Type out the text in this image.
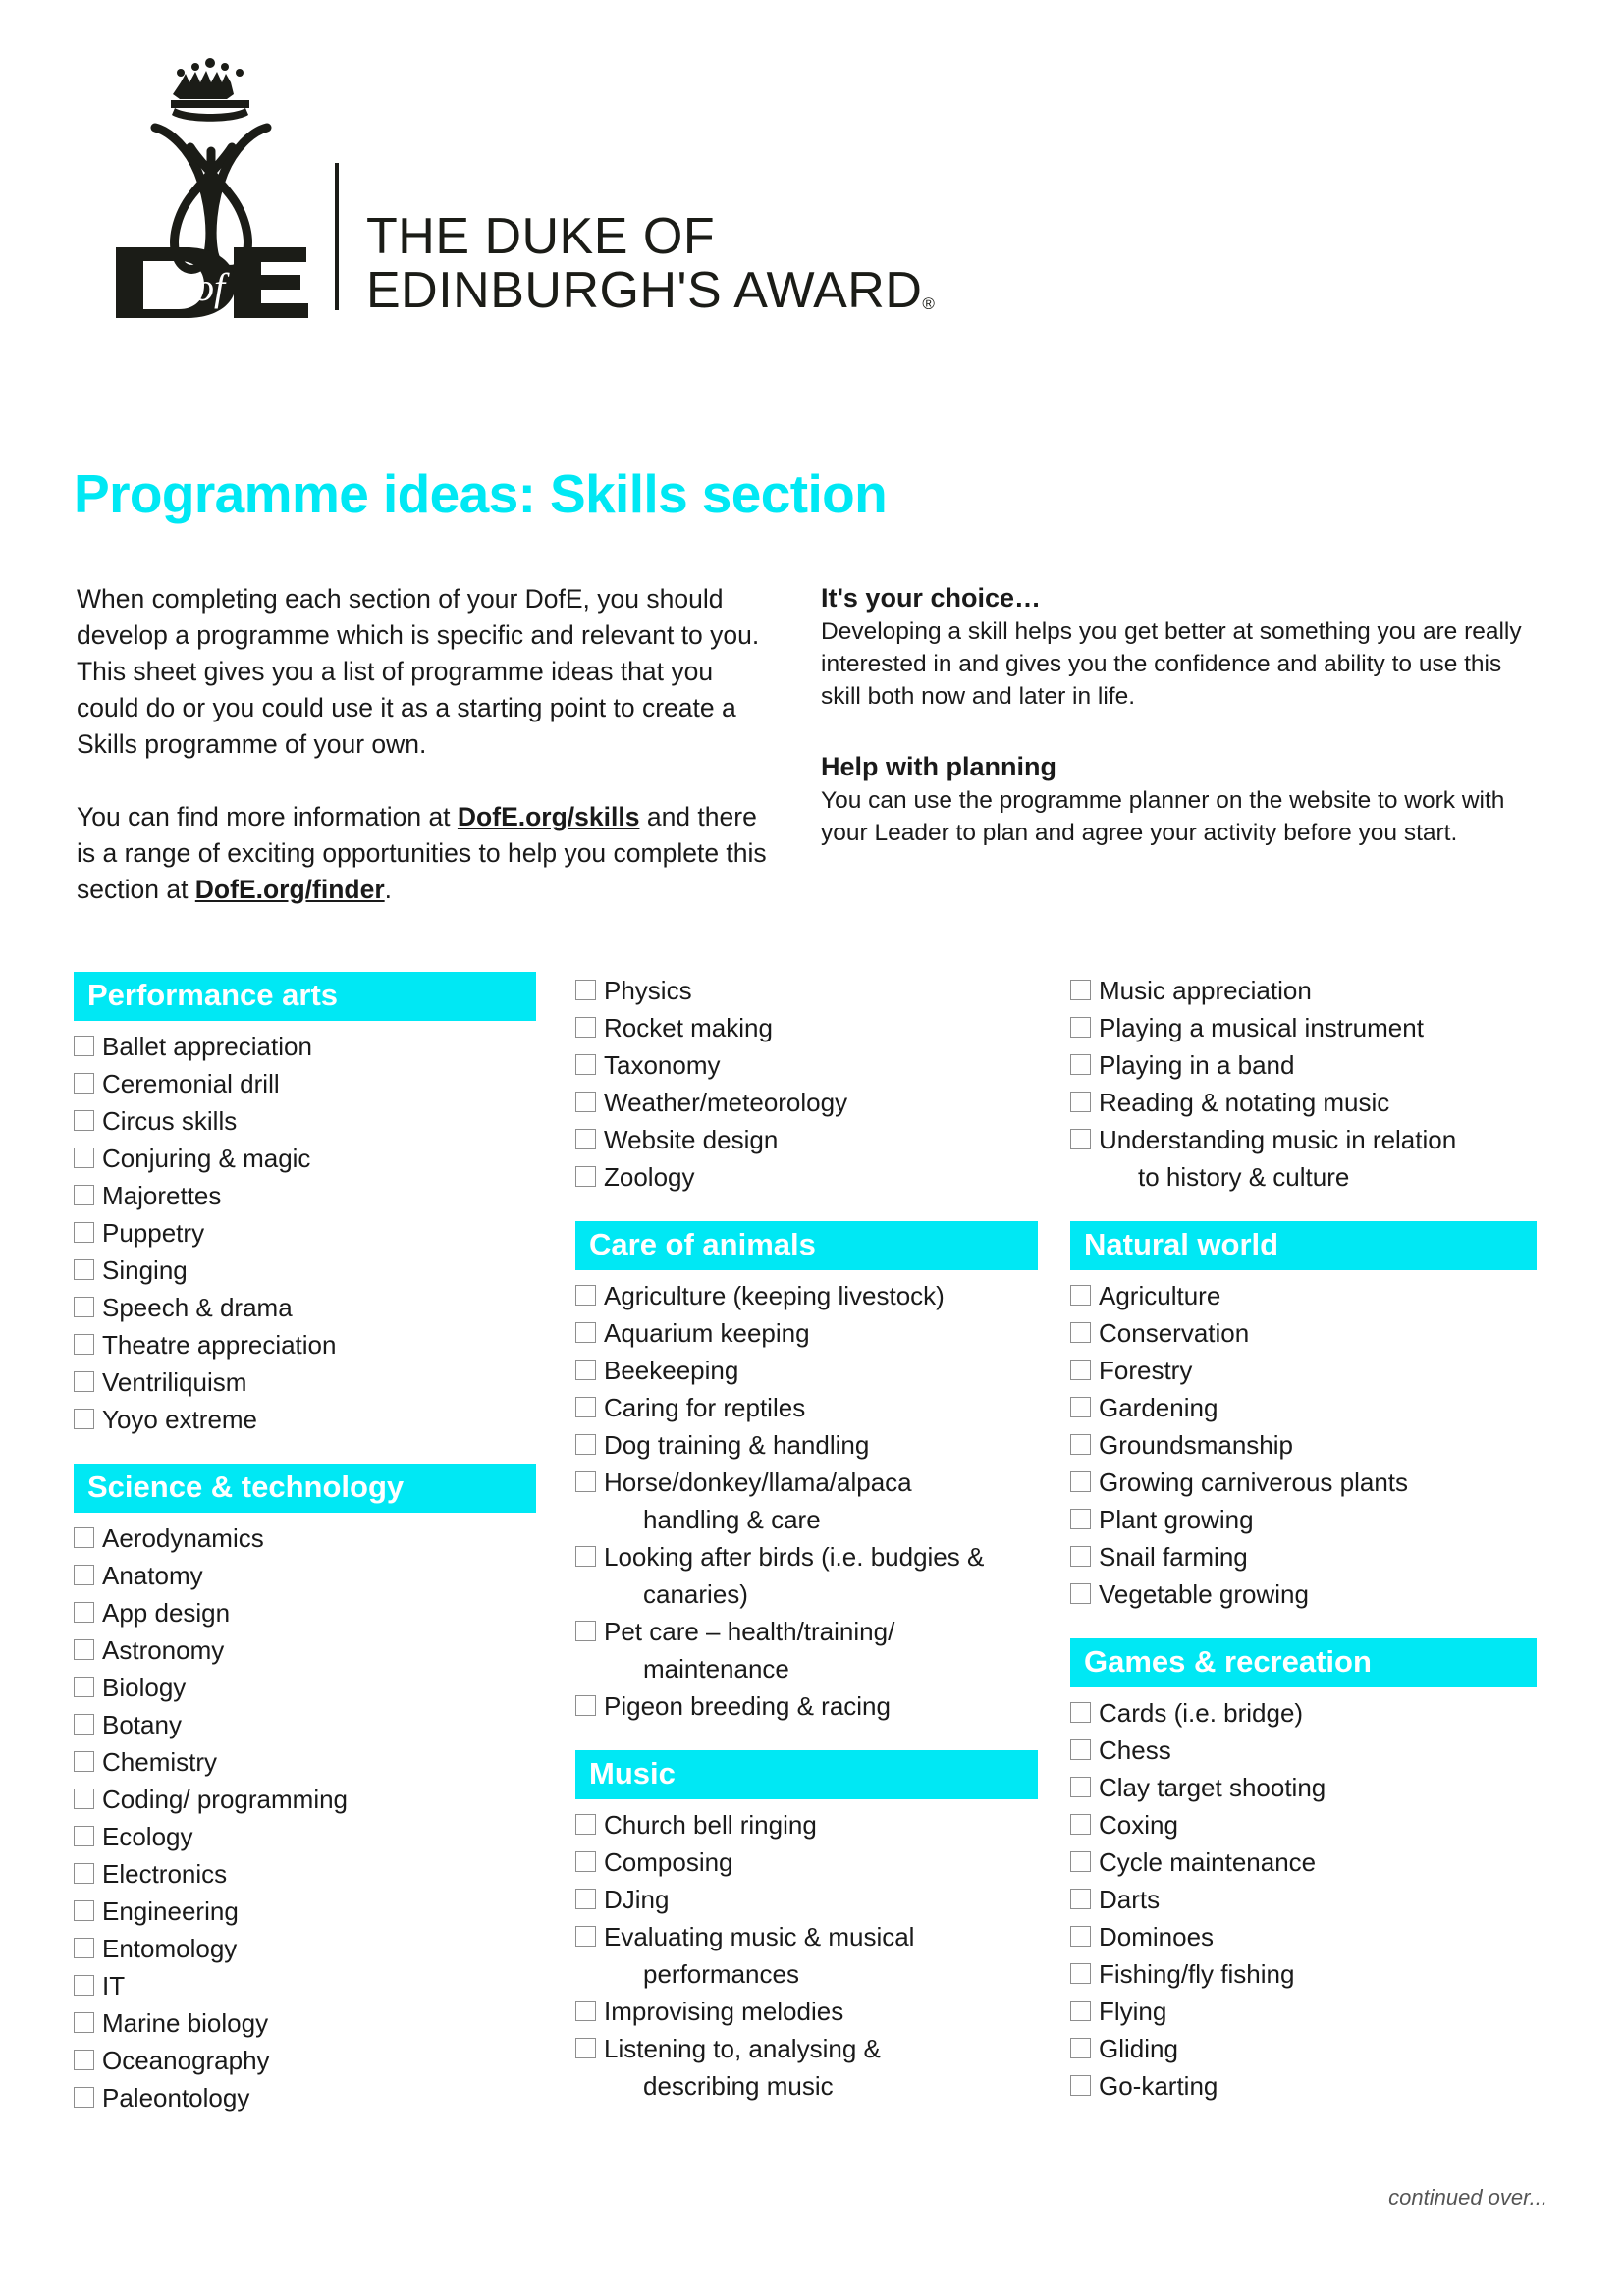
of
THE DUKE OF
EDINBURGH'S AWARD®
Programme ideas: Skills section

When completing each section of your DofE, you should develop a programme which is specific and relevant to you. This sheet gives you a list of programme ideas that you could do or you could use it as a starting point to create a Skills programme of your own.

You can find more information at DofE.org/skills and there is a range of exciting opportunities to help you complete this section at DofE.org/finder.

It's your choice…

Developing a skill helps you get better at something you are really interested in and gives you the confidence and ability to use this skill both now and later in life.

Help with planning

You can use the programme planner on the website to work with your Leader to plan and agree your activity before you start.

Performance arts
Ballet appreciation
Ceremonial drill
Circus skills
Conjuring & magic
Majorettes
Puppetry
Singing
Speech & drama
Theatre appreciation
Ventriliquism
Yoyo extreme
Science & technology
Aerodynamics
Anatomy
App design
Astronomy
Biology
Botany
Chemistry
Coding/ programming
Ecology
Electronics
Engineering
Entomology
IT
Marine biology
Oceanography
Paleontology
Physics
Rocket making
Taxonomy
Weather/meteorology
Website design
Zoology
Care of animals
Agriculture (keeping livestock)
Aquarium keeping
Beekeeping
Caring for reptiles
Dog training & handling
Horse/donkey/llama/alpaca
handling & care
Looking after birds (i.e. budgies &
canaries)
Pet care – health/training/
maintenance
Pigeon breeding & racing
Music
Church bell ringing
Composing
DJing
Evaluating music & musical
performances
Improvising melodies
Listening to, analysing &
describing music
Music appreciation
Playing a musical instrument
Playing in a band
Reading & notating music
Understanding music in relation
to history & culture
Natural world
Agriculture
Conservation
Forestry
Gardening
Groundsmanship
Growing carniverous plants
Plant growing
Snail farming
Vegetable growing
Games & recreation
Cards (i.e. bridge)
Chess
Clay target shooting
Coxing
Cycle maintenance
Darts
Dominoes
Fishing/fly fishing
Flying
Gliding
Go-karting
continued over...
